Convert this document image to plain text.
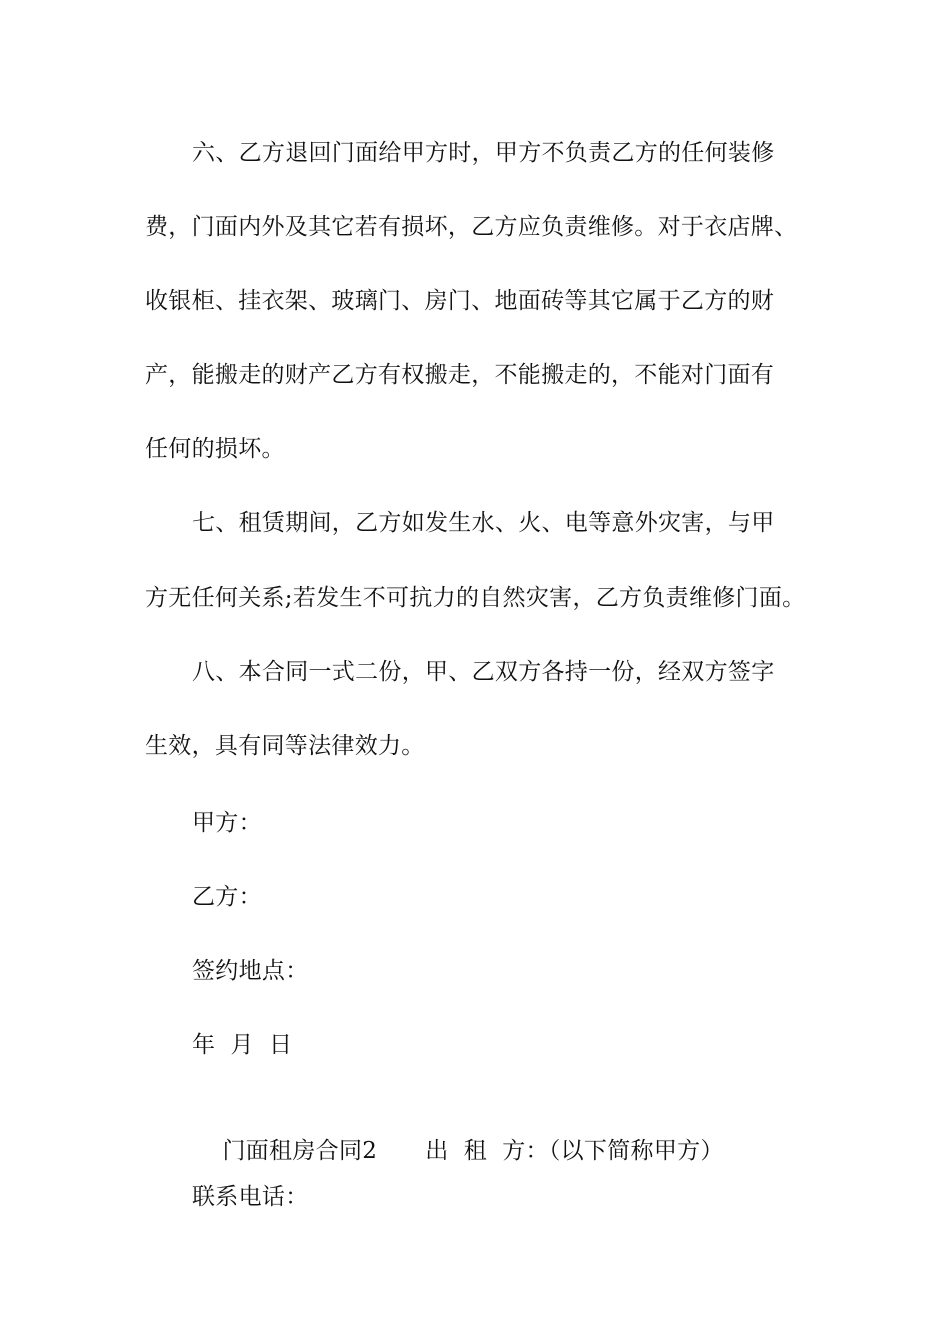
六、乙方退回门面给甲方时，甲方不负责乙方的任何装修
费，门面内外及其它若有损坏，乙方应负责维修。对于衣店牌、
收银柜、挂衣架、玻璃门、房门、地面砖等其它属于乙方的财
产，能搬走的财产乙方有权搬走，不能搬走的，不能对门面有
任何的损坏。
七、租赁期间，乙方如发生水、火、电等意外灾害，与甲
方无任何关系;若发生不可抗力的自然灾害，乙方负责维修门面。
八、本合同一式二份，甲、乙双方各持一份，经双方签字
生效，具有同等法律效力。
甲方：
乙方：
签约地点：
年  月  日

门面租房合同2 出  租  方：（以下简称甲方）

联系电话：
